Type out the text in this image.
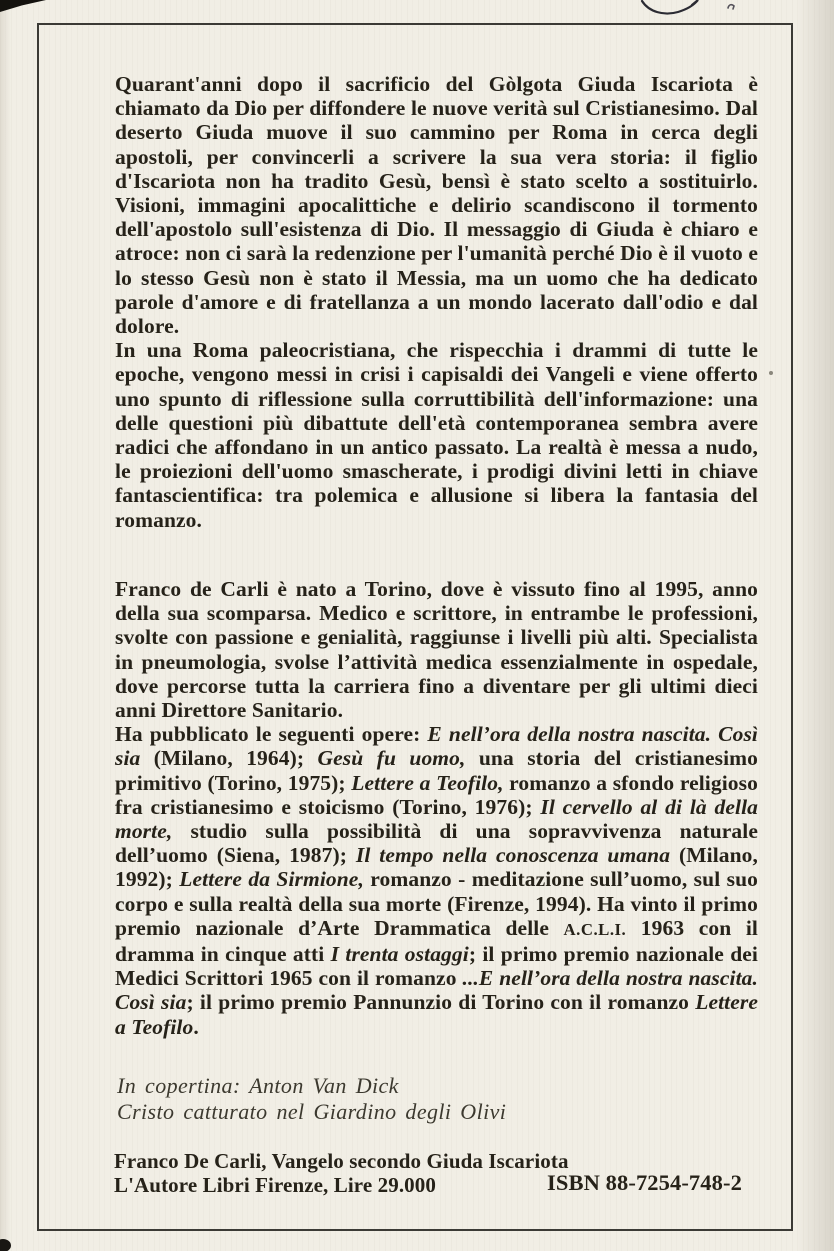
Quarant'anni dopo il sacrificio del Gòlgota Giuda Iscariota è chiamato da Dio per diffondere le nuove verità sul Cristianesimo. Dal deserto Giuda muove il suo cammino per Roma in cerca degli apostoli, per convincerli a scrivere la sua vera storia: il figlio d'Iscariota non ha tradito Gesù, bensì è stato scelto a sostituirlo. Visioni, immagini apocalittiche e delirio scandiscono il tormento dell'apostolo sull'esistenza di Dio. Il messaggio di Giuda è chiaro e atroce: non ci sarà la redenzione per l'umanità perché Dio è il vuoto e lo stesso Gesù non è stato il Messia, ma un uomo che ha dedicato parole d'amore e di fratellanza a un mondo lacerato dall'odio e dal dolore.

In una Roma paleocristiana, che rispecchia i drammi di tutte le epoche, vengono messi in crisi i capisaldi dei Vangeli e viene offerto uno spunto di riflessione sulla corruttibilità dell'informazione: una delle questioni più dibattute dell'età contemporanea sembra avere radici che affondano in un antico passato. La realtà è messa a nudo, le proiezioni dell'uomo smascherate, i prodigi divini letti in chiave fantascientifica: tra polemica e allusione si libera la fantasia del romanzo.

Franco de Carli è nato a Torino, dove è vissuto fino al 1995, anno della sua scomparsa. Medico e scrittore, in entrambe le professioni, svolte con passione e genialità, raggiunse i livelli più alti. Specialista in pneumologia, svolse l’attività medica essenzialmente in ospedale, dove percorse tutta la carriera fino a diventare per gli ultimi dieci anni Direttore Sanitario.

Ha pubblicato le seguenti opere: E nell’ora della nostra nascita. Così sia (Milano, 1964); Gesù fu uomo, una storia del cristianesimo primitivo (Torino, 1975); Lettere a Teofilo, romanzo a sfondo religioso fra cristianesimo e stoicismo (Torino, 1976); Il cervello al di là della morte, studio sulla possibilità di una sopravvivenza naturale dell’uomo (Siena, 1987); Il tempo nella conoscenza umana (Milano, 1992); Lettere da Sirmione, romanzo - meditazione sull’uomo, sul suo corpo e sulla realtà della sua morte (Firenze, 1994). Ha vinto il primo premio nazionale d’Arte Drammatica delle A.C.L.I. 1963 con il dramma in cinque atti I trenta ostaggi; il primo premio nazionale dei Medici Scrittori 1965 con il romanzo ...E nell’ora della nostra nascita. Così sia; il primo premio Pannunzio di Torino con il romanzo Lettere a Teofilo.

In copertina: Anton Van Dick
Cristo catturato nel Giardino degli Olivi
Franco De Carli, Vangelo secondo Giuda Iscariota
L'Autore Libri Firenze, Lire 29.000	ISBN 88-7254-748-2
